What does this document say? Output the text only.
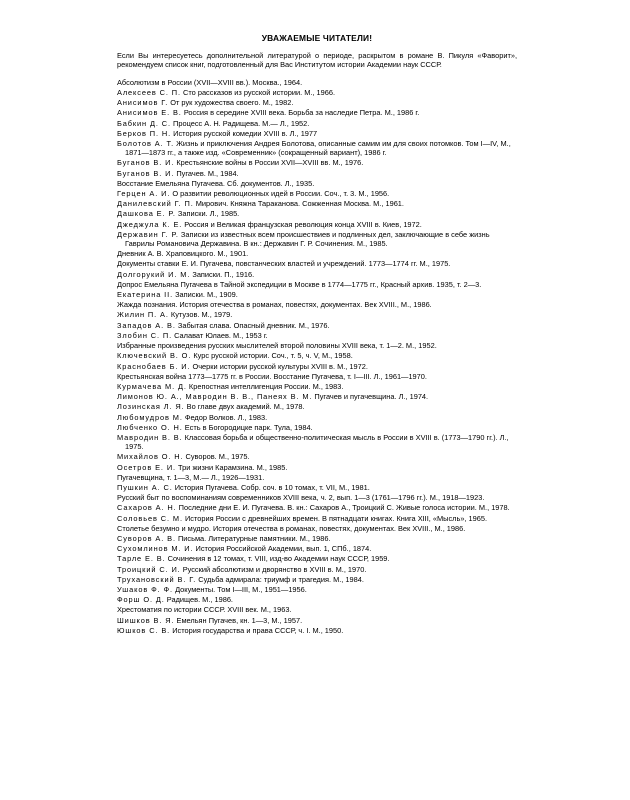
УВАЖАЕМЫЕ ЧИТАТЕЛИ!
Если Вы интересуетесь дополнительной литературой о периоде, раскрытом в романе В. Пикуля «Фаворит», рекомендуем список книг, подготовленный для Вас Институтом истории Академии наук СССР.
Абсолютизм в России (XVII—XVIII вв.). Москва., 1964.
Алексеев С. П. Сто рассказов из русской истории. М., 1966.
Анисимов Г. От рук художества своего. М., 1982.
Анисимов Е. В. Россия в середине XVIII века. Борьба за наследие Петра. М., 1986 г.
Бабкин Д. С. Процесс А. Н. Радищева. М.— Л., 1952.
Берков П. Н. История русской комедии XVIII в. Л., 1977
Болотов А. Т. Жизнь и приключения Андрея Болотова, описанные самим им для своих потомков. Том I—IV, М., 1871—1873 гг., а также изд. «Современник» (сокращенный вариант), 1986 г.
Буганов В. И. Крестьянские войны в России XVII—XVIII вв. М., 1976.
Буганов В. И. Пугачев. М., 1984.
Восстание Емельяна Пугачева. Сб. документов. Л., 1935.
Герцен А. И. О развитии революционных идей в России. Соч., т. 3. М., 1956.
Данилевский Г. П. Мирович. Княжна Тараканова. Сожженная Москва. М., 1961.
Дашкова Е. Р. Записки. Л., 1985.
Джеджула К. Е. Россия и Великая французская революция конца XVIII в. Киев, 1972.
Державин Г. Р. Записки из известных всем происшествиев и подлинных дел, заключающие в себе жизнь Гаврилы Романовича Державина. В кн.: Державин Г. Р. Сочинения. М., 1985.
Дневник А. В. Храповицкого. М., 1901.
Документы ставки Е. И. Пугачева, повстанческих властей и учреждений. 1773—1774 гг. М., 1975.
Долгорукий И. М. Записки. П., 1916.
Допрос Емельяна Пугачева в Тайной экспедиции в Москве в 1774—1775 гг., Красный архив. 1935, т. 2—3.
Екатерина II. Записки. М., 1909.
Жажда познания. История отечества в романах, повестях, документах. Век XVIII., М., 1986.
Жилин П. А. Кутузов. М., 1979.
Западов А. В. Забытая слава. Опасный дневник. М., 1976.
Злобин С. П. Салават Юлаев. М., 1953 г.
Избранные произведения русских мыслителей второй половины XVIII века, т. 1—2. М., 1952.
Ключевский В. О. Курс русской истории. Соч., т. 5, ч. V, М., 1958.
Краснобаев Б. И. Очерки истории русской культуры XVIII в. М., 1972.
Крестьянская война 1773—1775 гг. в России. Восстание Пугачева, т. I—III. Л., 1961—1970.
Курмачева М. Д. Крепостная интеллигенция России. М., 1983.
Лимонов Ю. А., Мавродин В. В., Панеях В. М. Пугачев и пугачевщина. Л., 1974.
Лозинская Л. Я. Во главе двух академий. М., 1978.
Любомудров М. Федор Волков. Л., 1983.
Любченко О. Н. Есть в Богородицке парк. Тула, 1984.
Мавродин В. В. Классовая борьба и общественно-политическая мысль в России в XVIII в. (1773—1790 гг.). Л., 1975.
Михайлов О. Н. Суворов. М., 1975.
Осетров Е. И. Три жизни Карамзина. М., 1985.
Пугачевщина, т. 1—3, М.— Л., 1926—1931.
Пушкин А. С. История Пугачева. Собр. соч. в 10 томах, т. VII, М., 1981.
Русский быт по воспоминаниям современников XVIII века, ч. 2, вып. 1—3 (1761—1796 гг.). М., 1918—1923.
Сахаров А. Н. Последние дни Е. И. Пугачева. В. кн.: Сахаров А., Троицкий С. Живые голоса истории. М., 1978.
Соловьев С. М. История России с древнейших времен. В пятнадцати книгах. Книга XIII, «Мысль», 1965.
Столетье безумно и мудро. История отечества в романах, повестях, документах. Век XVIII., М., 1986.
Суворов А. В. Письма. Литературные памятники. М., 1986.
Сухомлинов М. И. История Российской Академии, вып. 1, СПб., 1874.
Тарле Е. В. Сочинения в 12 томах, т. VIII, изд-во Академии наук СССР, 1959.
Троицкий С. И. Русский абсолютизм и дворянство в XVIII в. М., 1970.
Трухановский В. Г. Судьба адмирала: триумф и трагедия. М., 1984.
Ушаков Ф. Ф. Документы. Том I—III, М., 1951—1956.
Форш О. Д. Радищев. М., 1986.
Хрестоматия по истории СССР. XVIII век. М., 1963.
Шишков В. Я. Емельян Пугачев, кн. 1—3, М., 1957.
Юшков С. В. История государства и права СССР, ч. I. М., 1950.
